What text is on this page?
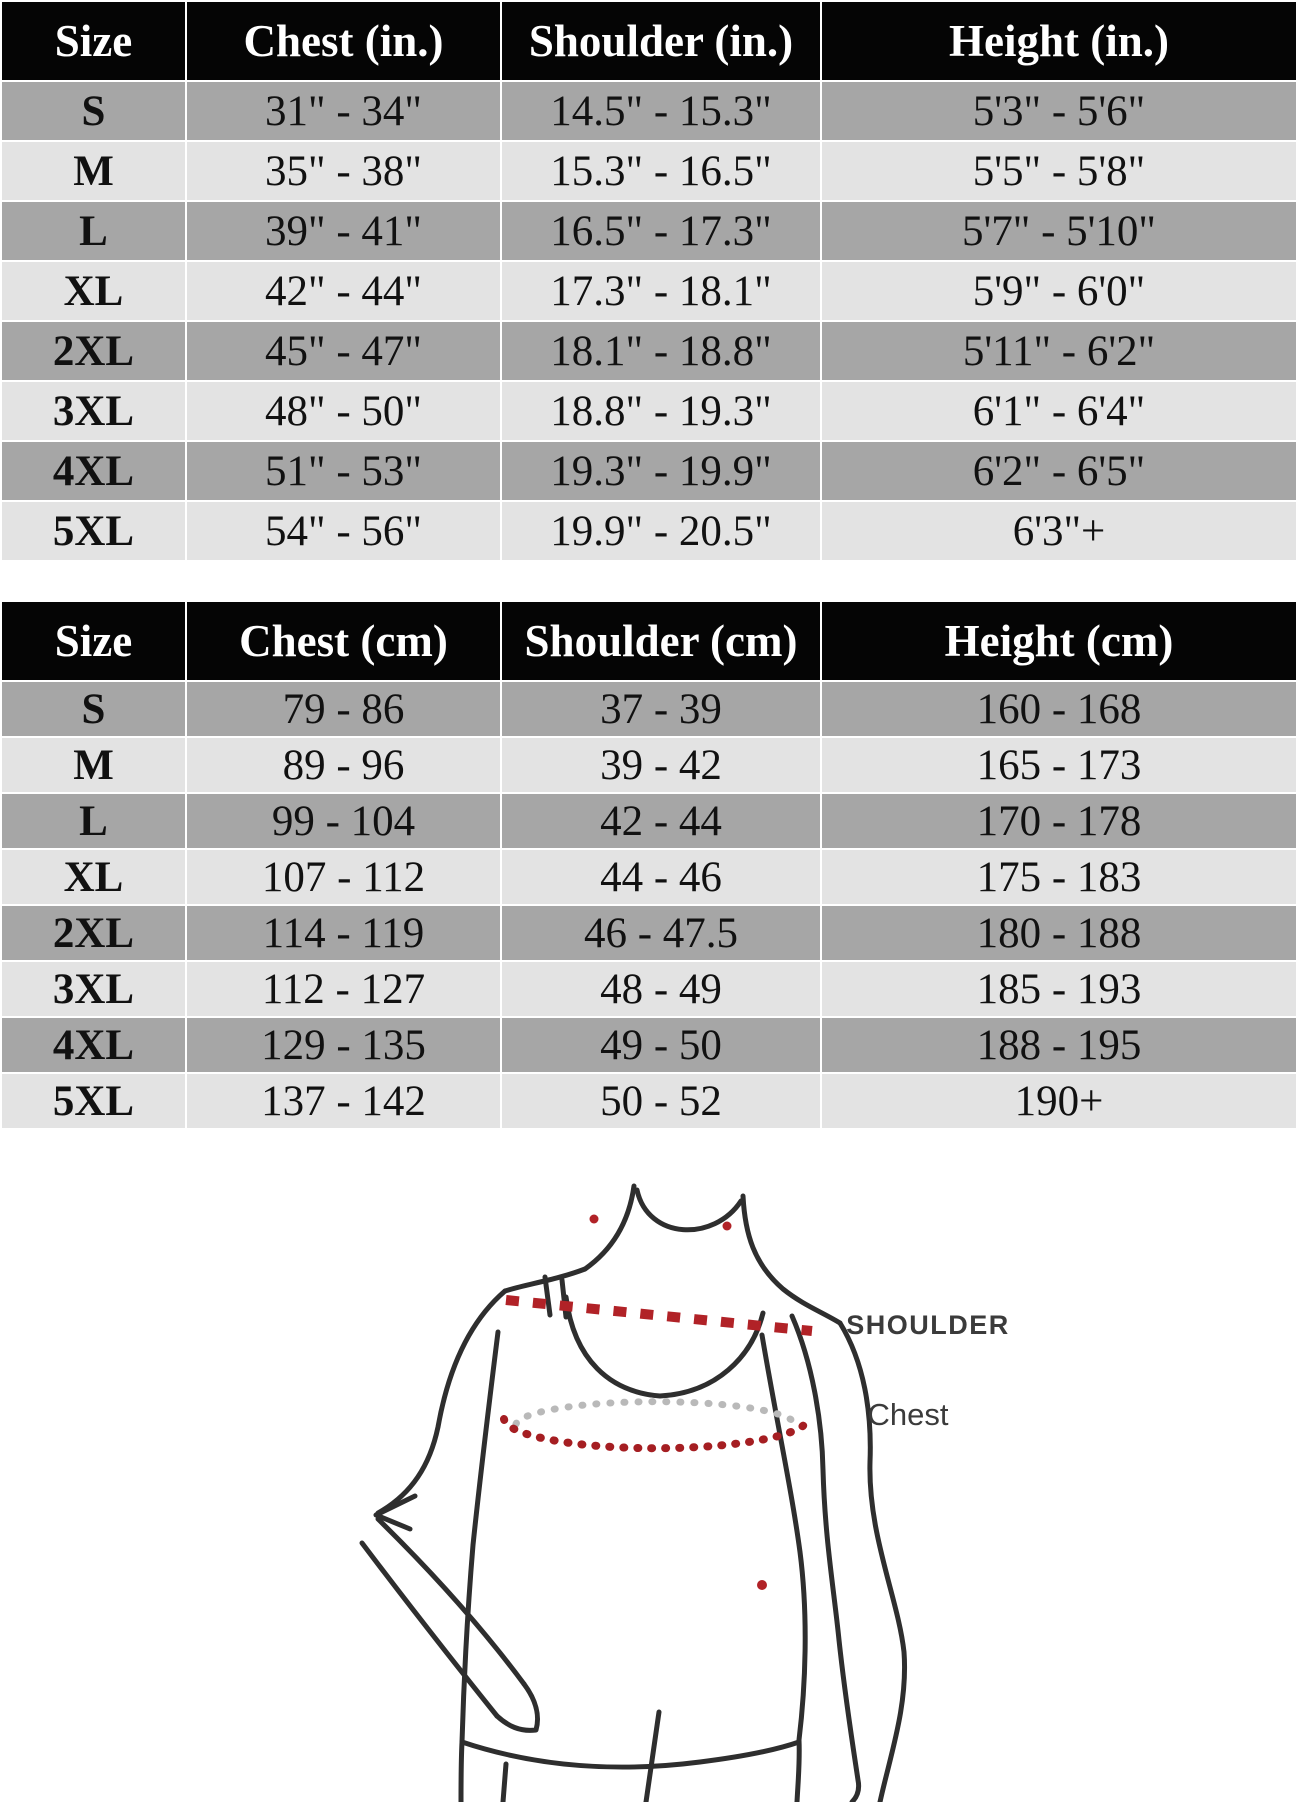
Size	Chest (in.)	Shoulder (in.)	Height (in.)
S	31" - 34"	14.5" - 15.3"	5'3" - 5'6"
M	35" - 38"	15.3" - 16.5"	5'5" - 5'8"
L	39" - 41"	16.5" - 17.3"	5'7" - 5'10"
XL	42" - 44"	17.3" - 18.1"	5'9" - 6'0"
2XL	45" - 47"	18.1" - 18.8"	5'11" - 6'2"
3XL	48" - 50"	18.8" - 19.3"	6'1" - 6'4"
4XL	51" - 53"	19.3" - 19.9"	6'2" - 6'5"
5XL	54" - 56"	19.9" - 20.5"	6'3"+
Size	Chest (cm)	Shoulder (cm)	Height (cm)
S	79 - 86	37 - 39	160 - 168
M	89 - 96	39 - 42	165 - 173
L	99 - 104	42 - 44	170 - 178
XL	107 - 112	44 - 46	175 - 183
2XL	114 - 119	46 - 47.5	180 - 188
3XL	112 - 127	48 - 49	185 - 193
4XL	129 - 135	49 - 50	188 - 195
5XL	137 - 142	50 - 52	190+
SHOULDER
Chest
